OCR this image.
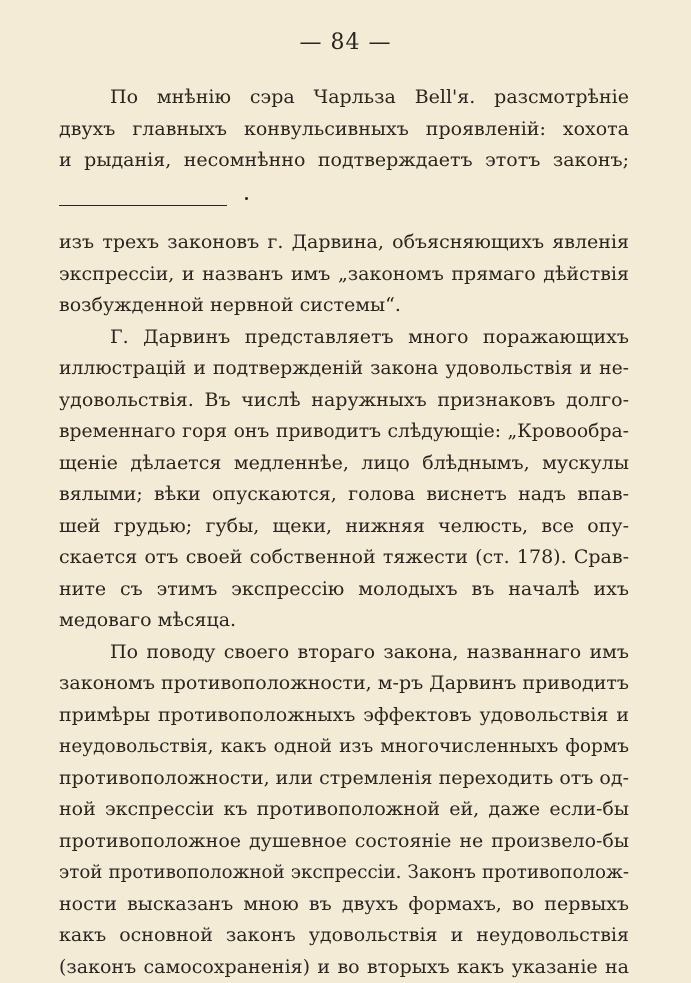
— 84 —
По мнѣнію сэра Чарльза Bell'я. разсмотрѣніе
двухъ главныхъ конвульсивныхъ проявленій: хохота
и рыданія, несомнѣнно подтверждаетъ этотъ законъ;
изъ трехъ законовъ г. Дарвина, объясняющихъ явленія
экспрессіи, и названъ имъ „закономъ прямаго дѣйствія
возбужденной нервной системы“.
Г. Дарвинъ представляетъ много поражающихъ
иллюстрацій и подтвержденій закона удовольствія и не-
удовольствія. Въ числѣ наружныхъ признаковъ долго-
временнаго горя онъ приводитъ слѣдующіе: „Кровообра-
щеніе дѣлается медленнѣе, лицо блѣднымъ, мускулы
вялыми; вѣки опускаются, голова виснетъ надъ впав-
шей грудью; губы, щеки, нижняя челюсть, все опу-
скается отъ своей собственной тяжести (ст. 178). Срав-
ните съ этимъ экспрессію молодыхъ въ началѣ ихъ
медоваго мѣсяца.
По поводу своего втораго закона, названнаго имъ
закономъ противоположности, м-ръ Дарвинъ приводитъ
примѣры противоположныхъ эффектовъ удовольствія и
неудовольствія, какъ одной изъ многочисленныхъ формъ
противоположности, или стремленія переходить отъ од-
ной экспрессіи къ противоположной ей, даже если-бы
противоположное душевное состояніе не произвело-бы
этой противоположной экспрессіи. Законъ противополож-
ности высказанъ мною въ двухъ формахъ, во первыхъ
какъ основной законъ удовольствія и неудовольствія
(законъ самосохраненія) и во вторыхъ какъ указаніе на
